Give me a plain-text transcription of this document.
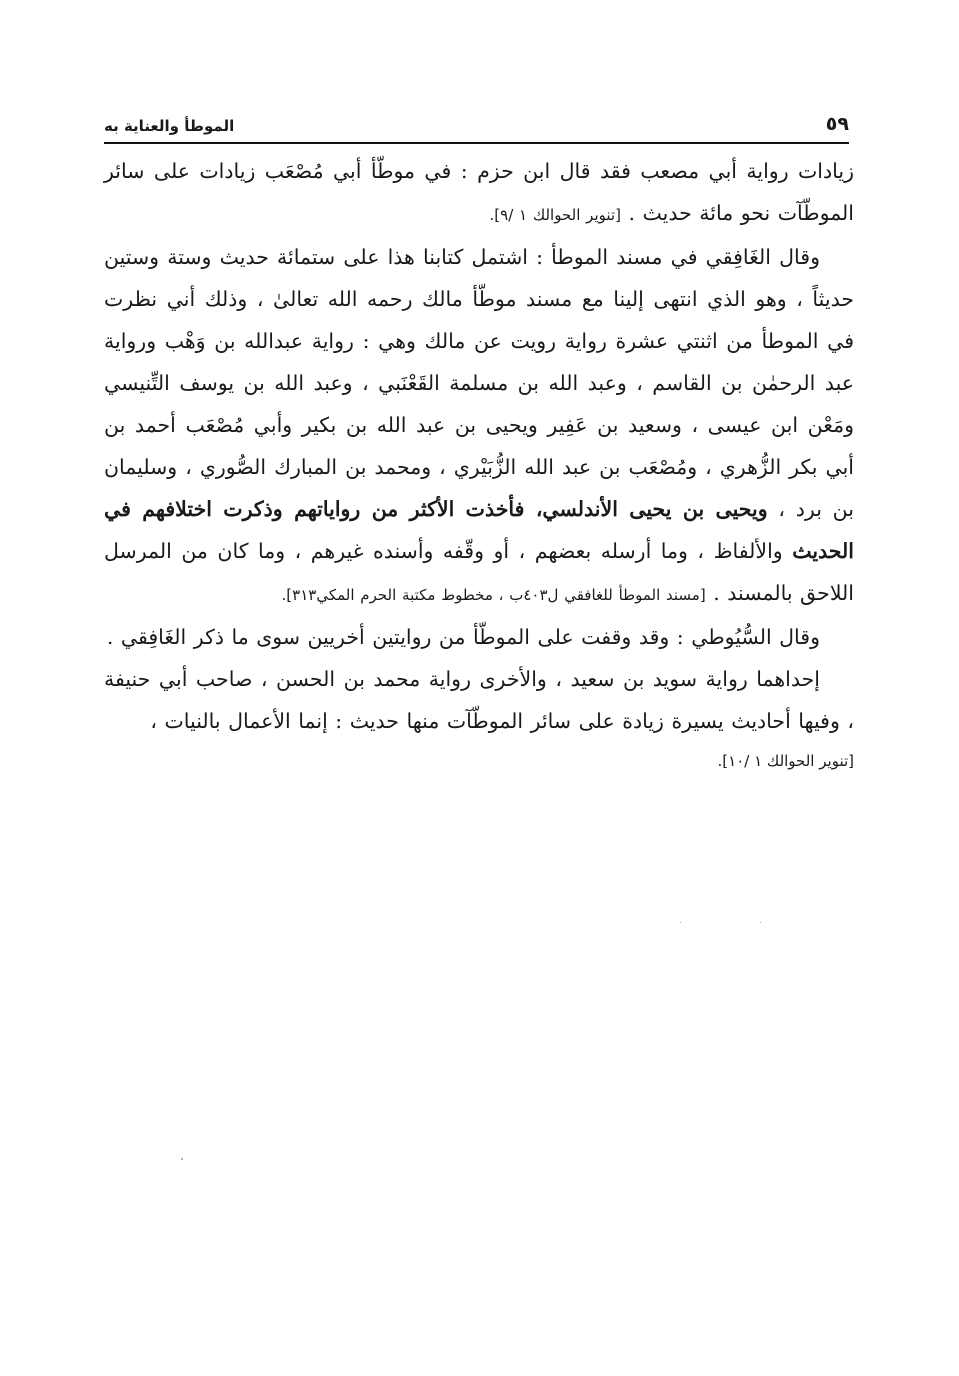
٥٩
الموطأ والعناية به

زيادات رواية أبي مصعب فقد قال ابن حزم : في موطّأ أبي مُصْعَب زيادات على سائر الموطّآت نحو مائة حديث . [تنوير الحوالك ١ /٩].

وقال الغَافِقي في مسند الموطأ : اشتمل كتابنا هذا على ستمائة حديث وستة وستين حديثاً ، وهو الذي انتهى إلينا مع مسند موطّأ مالك رحمه الله تعالىٰ ، وذلك أني نظرت في الموطأ من اثنتي عشرة رواية رويت عن مالك وهي : رواية عبدالله بن وَهْب ورواية عبد الرحمٰن بن القاسم ، وعبد الله بن مسلمة القَعْنَبي ، وعبد الله بن يوسف التِّنيسي ومَعْن ابن عيسى ، وسعيد بن عَفِير ويحيى بن عبد الله بن بكير وأبي مُصْعَب أحمد بن أبي بكر الزُّهري ، ومُصْعَب بن عبد الله الزُّبَيْري ، ومحمد بن المبارك الصُّوري ، وسليمان بن برد ، ويحيى بن يحيى الأندلسي، فأخذت الأكثر من رواياتهم وذكرت اختلافهم في الحديث والألفاظ ، وما أرسله بعضهم ، أو وقّفه وأسنده غيرهم ، وما كان من المرسل اللاحق بالمسند . [مسند الموطأ للغافقي ل٤٠٣ب ، مخطوط مكتبة الحرم المكي٣١٣].

وقال السُّيُوطي : وقد وقفت على الموطّأ من روايتين أخريين سوى ما ذكر الغَافِقي .

إحداهما رواية سويد بن سعيد ، والأخرى رواية محمد بن الحسن ، صاحب أبي حنيفة ، وفيها أحاديث يسيرة زيادة على سائر الموطّآت منها حديث : إنما الأعمال بالنيات ،

[تنوير الحوالك ١ /١٠].
